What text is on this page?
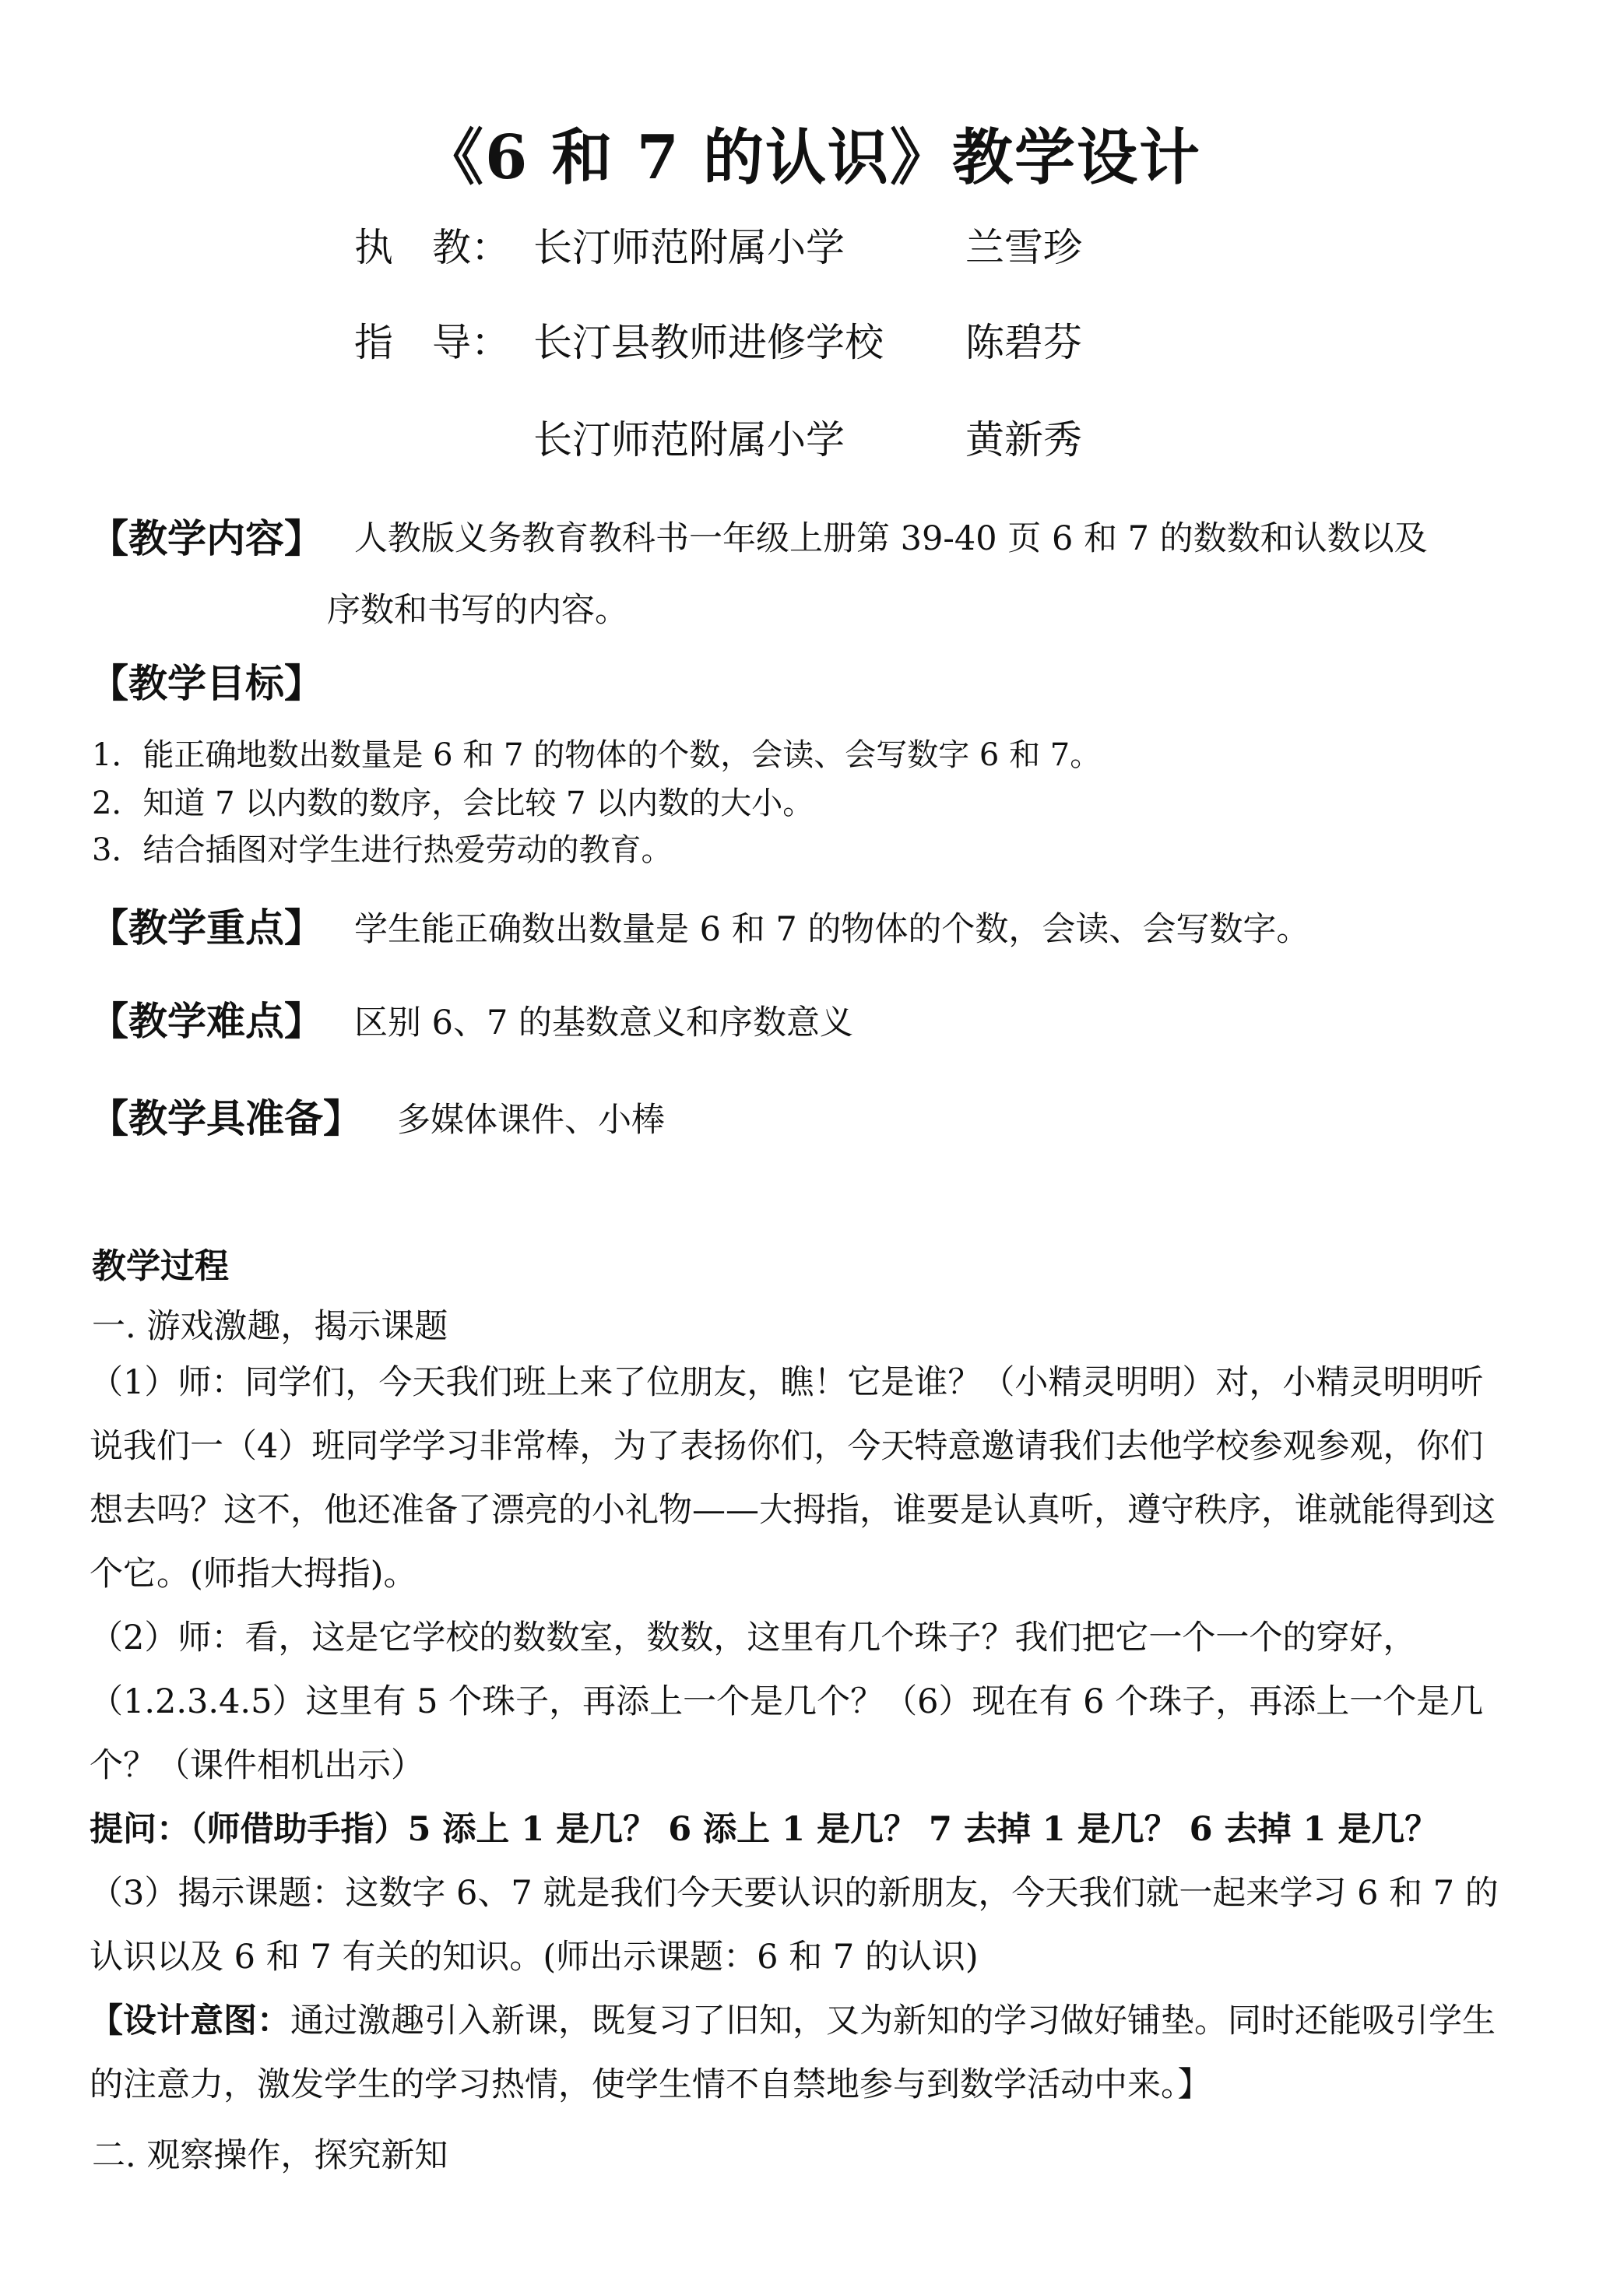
《6 和 7 的认识》教学设计
执　教： 长汀师范附属小学	兰雪珍
指　导： 长汀县教师进修学校 陈碧芬
长汀师范附属小学	黄新秀
【教学内容】 人教版义务教育教科书一年级上册第 39-40 页 6 和 7 的数数和认数以及
序数和书写的内容。
【教学目标】
1．能正确地数出数量是 6 和 7 的物体的个数，会读、会写数字 6 和 7。
2．知道 7 以内数的数序，会比较 7 以内数的大小。
3．结合插图对学生进行热爱劳动的教育。
【教学重点】 学生能正确数出数量是 6 和 7 的物体的个数，会读、会写数字。
【教学难点】 区别 6、7 的基数意义和序数意义
【教学具准备】 多媒体课件、小棒
教学过程
一. 游戏激趣，揭示课题
（1）师：同学们，今天我们班上来了位朋友，瞧！它是谁？（小精灵明明）对，小精灵明明听说我们一（4）班同学学习非常棒，为了表扬你们，今天特意邀请我们去他学校参观参观，你们想去吗？这不，他还准备了漂亮的小礼物——大拇指，谁要是认真听，遵守秩序，谁就能得到这个它。(师指大拇指)。
（2）师：看，这是它学校的数数室，数数，这里有几个珠子？我们把它一个一个的穿好，（1.2.3.4.5）这里有 5 个珠子，再添上一个是几个？（6）现在有 6 个珠子，再添上一个是几个？（课件相机出示）
提问：（师借助手指）5 添上 1 是几？ 6 添上 1 是几？ 7 去掉 1 是几？ 6 去掉 1 是几？
（3）揭示课题：这数字 6、7 就是我们今天要认识的新朋友，今天我们就一起来学习 6 和 7 的认识以及 6 和 7 有关的知识。(师出示课题：6 和 7 的认识)
【设计意图：通过激趣引入新课，既复习了旧知，又为新知的学习做好铺垫。同时还能吸引学生的注意力，激发学生的学习热情，使学生情不自禁地参与到数学活动中来。】
二. 观察操作，探究新知
